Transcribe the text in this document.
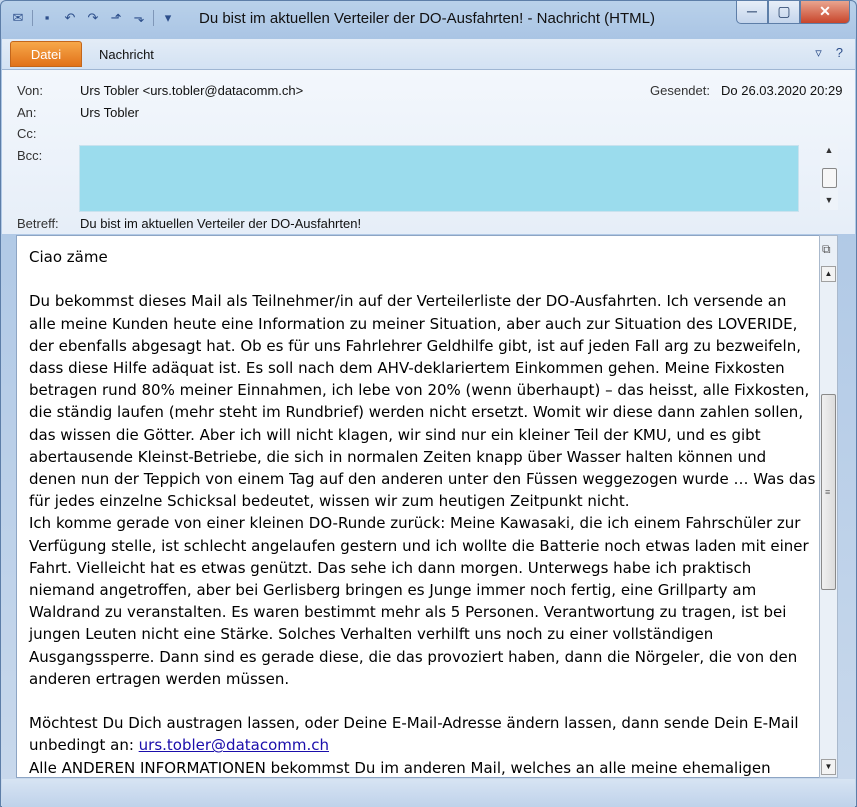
✉	▪	↶ ↷ ⬏ ⬎	▾	Du bist im aktuellen Verteiler der DO-Ausfahrten! - Nachricht (HTML)	─	▢	✕
Datei	Nachricht	▿ ?
Von:	Urs Tobler <urs.tobler@datacomm.ch>	Gesendet: Do 26.03.2020 20:29
An:	Urs Tobler
Cc:
Bcc:	▲
▼
Betreff: Du bist im aktuellen Verteiler der DO-Ausfahrten!

Ciao zäme

Du bekommst dieses Mail als Teilnehmer/in auf der Verteilerliste der DO-Ausfahrten. Ich versende an alle meine Kunden heute eine Information zu meiner Situation, aber auch zur Situation des LOVERIDE, der ebenfalls abgesagt hat. Ob es für uns Fahrlehrer Geldhilfe gibt, ist auf jeden Fall arg zu bezweifeln, dass diese Hilfe adäquat ist. Es soll nach dem AHV-deklariertem Einkommen gehen. Meine Fixkosten betragen rund 80% meiner Einnahmen, ich lebe von 20% (wenn überhaupt) – das heisst, alle Fixkosten, die ständig laufen (mehr steht im Rundbrief) werden nicht ersetzt. Womit wir diese dann zahlen sollen, das wissen die Götter. Aber ich will nicht klagen, wir sind nur ein kleiner Teil der KMU, und es gibt abertausende Kleinst-Betriebe, die sich in normalen Zeiten knapp über Wasser halten können und denen nun der Teppich von einem Tag auf den anderen unter den Füssen weggezogen wurde … Was das für jedes einzelne Schicksal bedeutet, wissen wir zum heutigen Zeitpunkt nicht.

Ich komme gerade von einer kleinen DO-Runde zurück: Meine Kawasaki, die ich einem Fahrschüler zur Verfügung stelle, ist schlecht angelaufen gestern und ich wollte die Batterie noch etwas laden mit einer Fahrt. Vielleicht hat es etwas genützt. Das sehe ich dann morgen. Unterwegs habe ich praktisch niemand angetroffen, aber bei Gerlisberg bringen es Junge immer noch fertig, eine Grillparty am Waldrand zu veranstalten. Es waren bestimmt mehr als 5 Personen. Verantwortung zu tragen, ist bei jungen Leuten nicht eine Stärke. Solches Verhalten verhilft uns noch zu einer vollständigen Ausgangssperre. Dann sind es gerade diese, die das provoziert haben, dann die Nörgeler, die von den anderen ertragen werden müssen.

Möchtest Du Dich austragen lassen, oder Deine E-Mail-Adresse ändern lassen, dann sende Dein E-Mail unbedingt an: urs.tobler@datacomm.ch

Alle ANDEREN INFORMATIONEN bekommst Du im anderen Mail, welches an alle meine ehemaligen

⧉
▲
≡
▼
